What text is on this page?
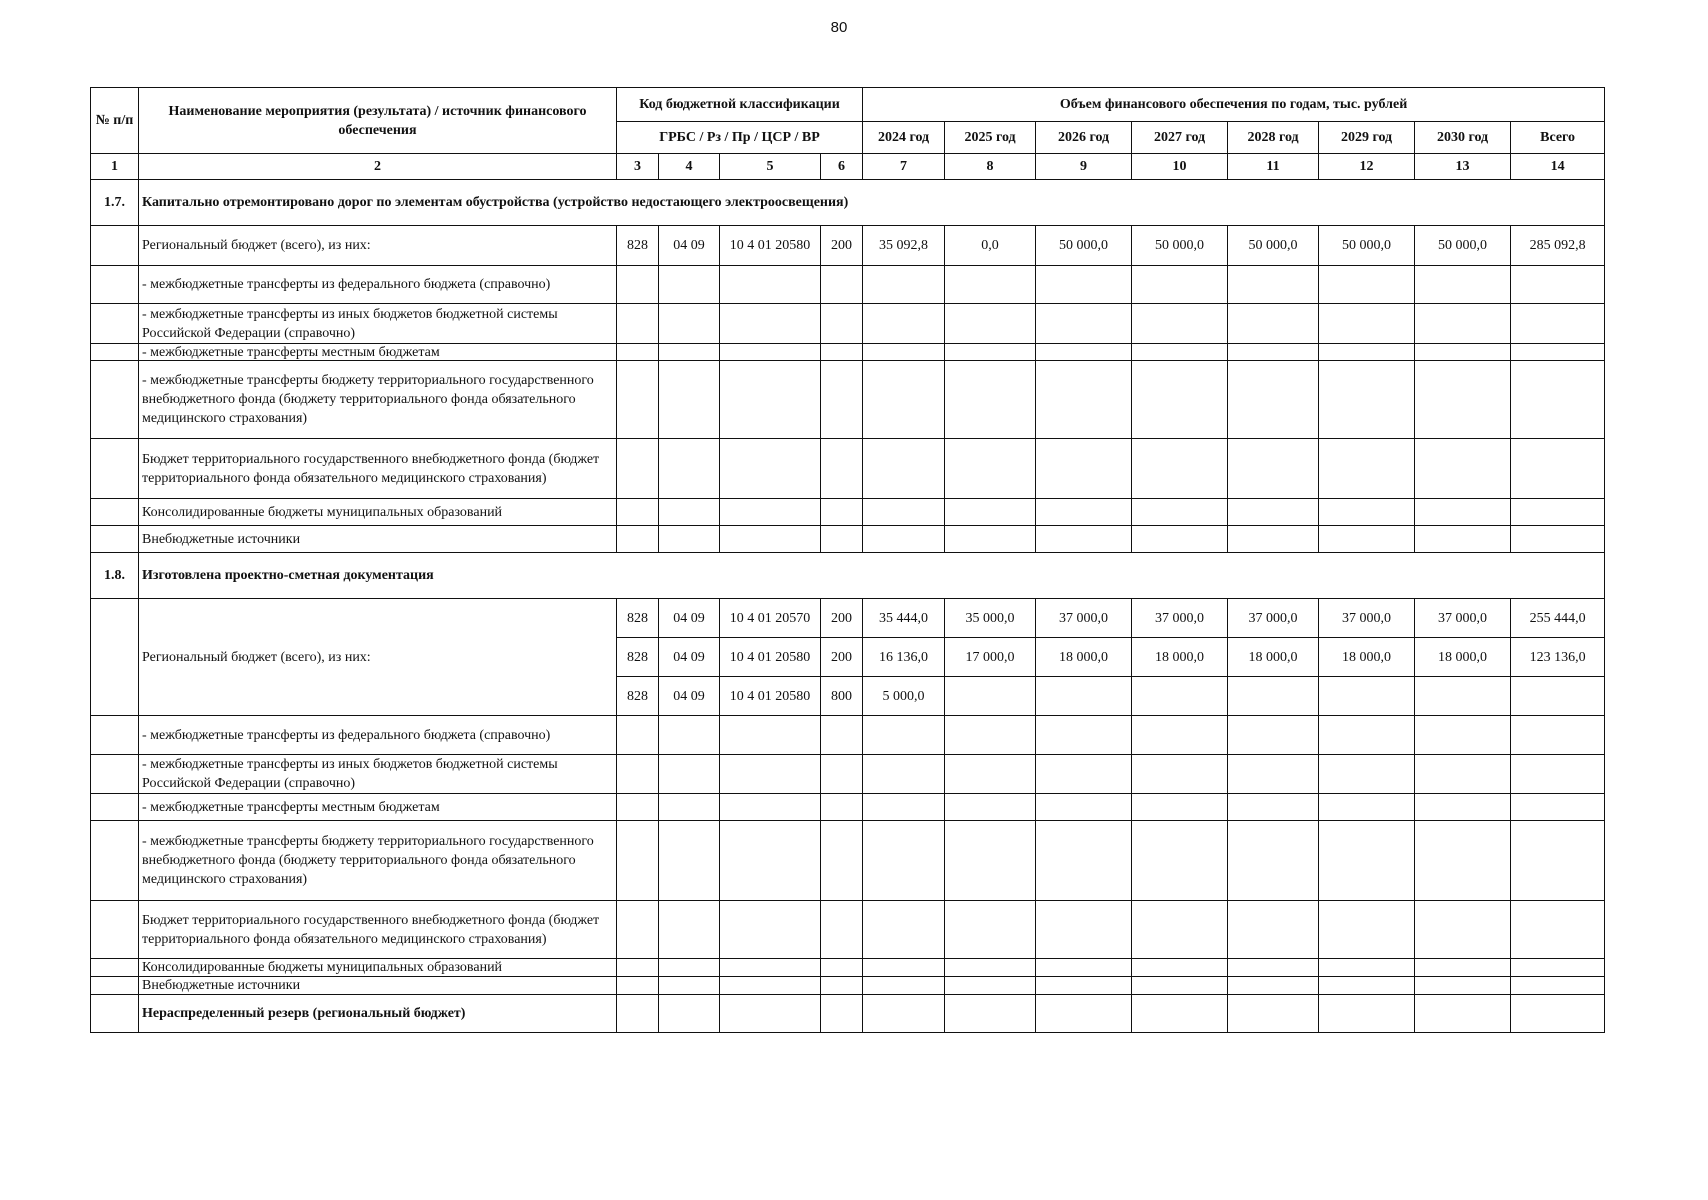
80
№ п/п	Наименование мероприятия (результата) / источник финансового обеспечения	Код бюджетной классификации				Объем финансового обеспечения по годам, тыс. рублей							
		ГРБС / Рз / Пр / ЦСР / ВР				2024 год	2025 год	2026 год	2027 год	2028 год	2029 год	2030 год	Всего
1	2	3	4	5	6	7	8	9	10	11	12	13	14
1.7.	Капитально отремонтировано дорог по элементам обустройства (устройство недостающего электроосвещения)												
	Региональный бюджет (всего), из них:	828	04 09	10 4 01 20580	200	35 092,8	0,0	50 000,0	50 000,0	50 000,0	50 000,0	50 000,0	285 092,8
	- межбюджетные трансферты из федерального бюджета (справочно)												
	- межбюджетные трансферты из иных бюджетов бюджетной системы Российской Федерации (справочно)												
	- межбюджетные трансферты местным бюджетам												
	- межбюджетные трансферты бюджету территориального государственного внебюджетного фонда (бюджету территориального фонда обязательного медицинского страхования)												
	Бюджет территориального государственного внебюджетного фонда (бюджет территориального фонда обязательного медицинского страхования)												
	Консолидированные бюджеты муниципальных образований												
	Внебюджетные источники												
1.8.	Изготовлена проектно-сметная документация												
	Региональный бюджет (всего), из них:	828	04 09	10 4 01 20570	200	35 444,0	35 000,0	37 000,0	37 000,0	37 000,0	37 000,0	37 000,0	255 444,0
		828	04 09	10 4 01 20580	200	16 136,0	17 000,0	18 000,0	18 000,0	18 000,0	18 000,0	18 000,0	123 136,0
		828	04 09	10 4 01 20580	800	5 000,0							
	- межбюджетные трансферты из федерального бюджета (справочно)												
	- межбюджетные трансферты из иных бюджетов бюджетной системы Российской Федерации (справочно)												
	- межбюджетные трансферты местным бюджетам												
	- межбюджетные трансферты бюджету территориального государственного внебюджетного фонда (бюджету территориального фонда обязательного медицинского страхования)												
	Бюджет территориального государственного внебюджетного фонда (бюджет территориального фонда обязательного медицинского страхования)												
	Консолидированные бюджеты муниципальных образований												
	Внебюджетные источники												
	Нераспределенный резерв (региональный бюджет)												
